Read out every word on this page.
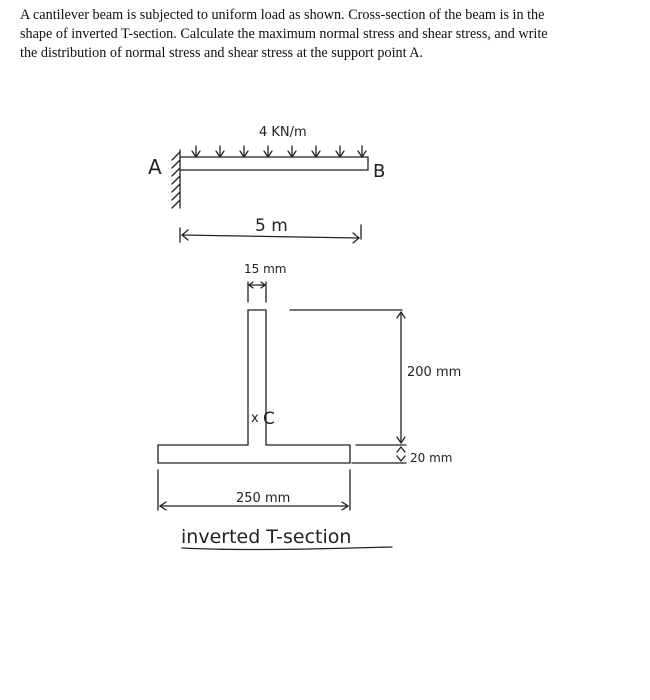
A cantilever beam is subjected to uniform load as shown. Cross-section of the beam is in the

shape of inverted T-section. Calculate the maximum normal stress and shear stress, and write

the distribution of normal stress and shear stress at the support point A.

4 KN/m
A	B
5 m
15 mm
x C
200 mm
20 mm
250 mm
inverted T-section
